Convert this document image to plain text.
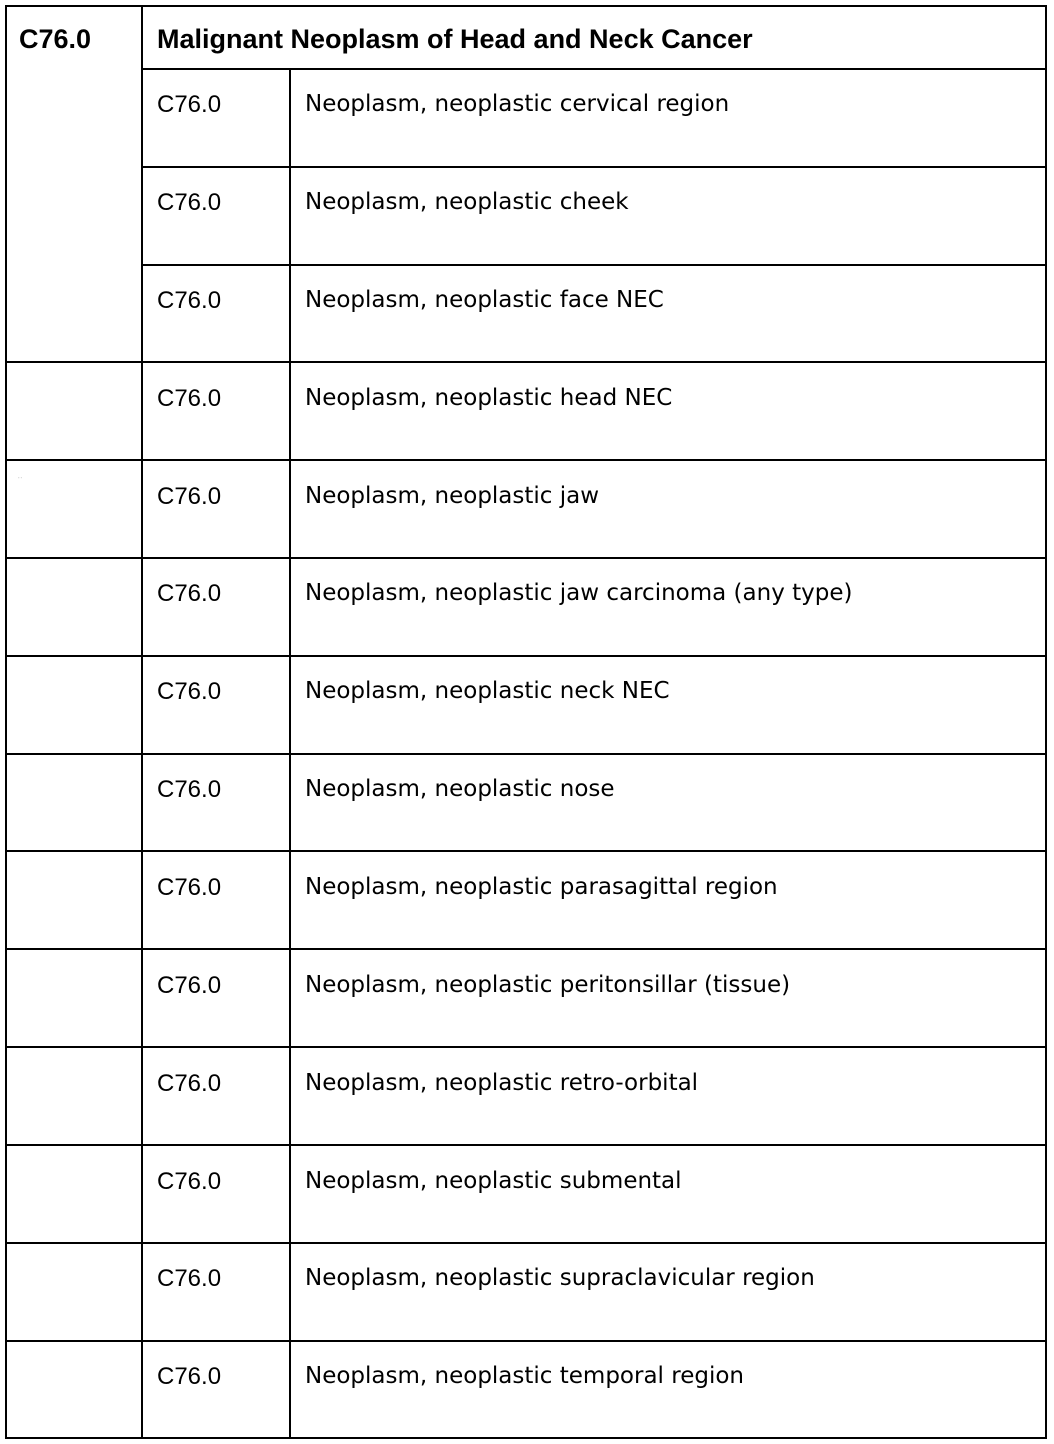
C76.0 Malignant Neoplasm of Head and Neck Cancer
˙˙
C76.0	Neoplasm, neoplastic cervical region
C76.0	Neoplasm, neoplastic cheek
C76.0	Neoplasm, neoplastic face NEC
C76.0	Neoplasm, neoplastic head NEC
C76.0	Neoplasm, neoplastic jaw
C76.0	Neoplasm, neoplastic jaw carcinoma (any type)
C76.0	Neoplasm, neoplastic neck NEC
C76.0	Neoplasm, neoplastic nose
C76.0	Neoplasm, neoplastic parasagittal region
C76.0	Neoplasm, neoplastic peritonsillar (tissue)
C76.0	Neoplasm, neoplastic retro-orbital
C76.0	Neoplasm, neoplastic submental
C76.0	Neoplasm, neoplastic supraclavicular region
C76.0	Neoplasm, neoplastic temporal region
